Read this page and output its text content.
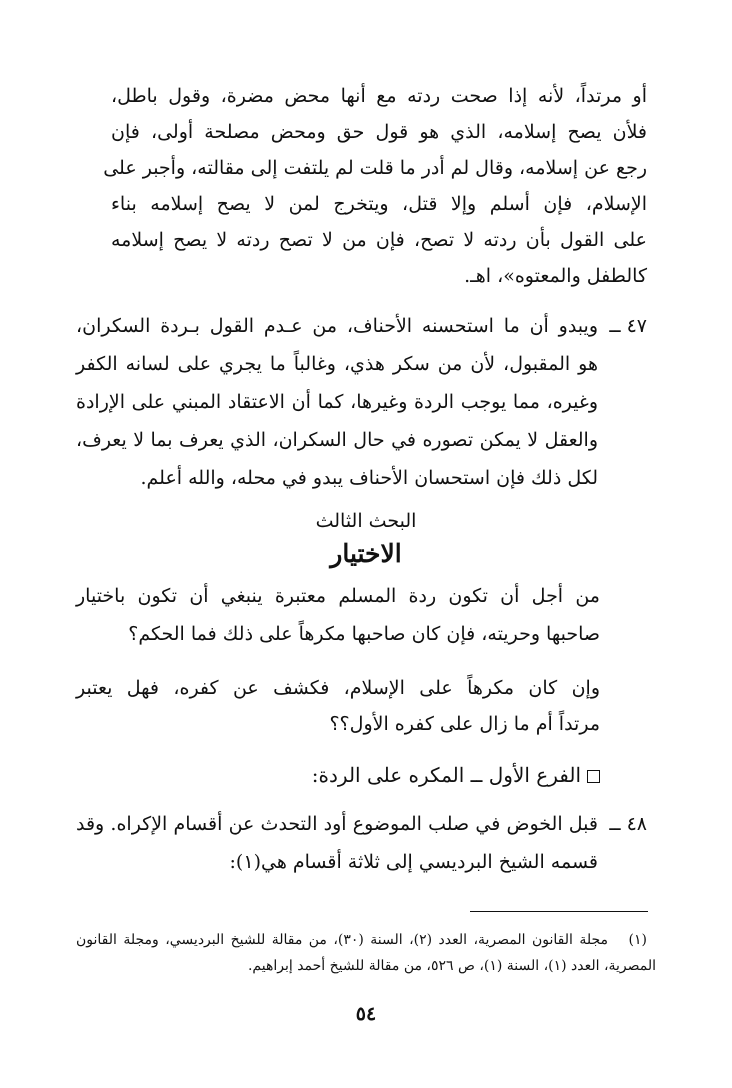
أو مرتداً، لأنه إذا صحت ردته مع أنها محض مضرة، وقول باطل،
فلأن يصح إسلامه، الذي هو قول حق ومحض مصلحة أولى، فإن
رجع عن إسلامه، وقال لم أدر ما قلت لم يلتفت إلى مقالته، وأجبر على
الإسلام، فإن أسلم وإلا قتل، ويتخرج لمن لا يصح إسلامه بناء
على القول بأن ردته لا تصح، فإن من لا تصح ردته لا يصح إسلامه
كالطفل والمعتوه»، اهـ.
٤٧ ــ
ويبدو أن ما استحسنه الأحناف، من عـدم القول بـردة السكران،
هو المقبول، لأن من سكر هذي، وغالباً ما يجري على لسانه الكفر
وغيره، مما يوجب الردة وغيرها، كما أن الاعتقاد المبني على الإرادة
والعقل لا يمكن تصوره في حال السكران، الذي يعرف بما لا يعرف،
لكل ذلك فإن استحسان الأحناف يبدو في محله، والله أعلم.
البحث الثالث
الاختيار
من أجل أن تكون ردة المسلم معتبرة ينبغي أن تكون باختيار
صاحبها وحريته، فإن كان صاحبها مكرهاً على ذلك فما الحكم؟
وإن كان مكرهاً على الإسلام، فكشف عن كفره، فهل يعتبر
مرتداً أم ما زال على كفره الأول؟؟
الفرع الأول ــ المكره على الردة:
٤٨ ــ
قبل الخوض في صلب الموضوع أود التحدث عن أقسام الإكراه. وقد
قسمه الشيخ البرديسي إلى ثلاثة أقسام هي(١):
(١)
مجلة القانون المصرية، العدد (٢)، السنة (٣٠)، من مقالة للشيخ البرديسي، ومجلة القانون
المصرية، العدد (١)، السنة (١)، ص ٥٢٦، من مقالة للشيخ أحمد إبراهيم.
٥٤
